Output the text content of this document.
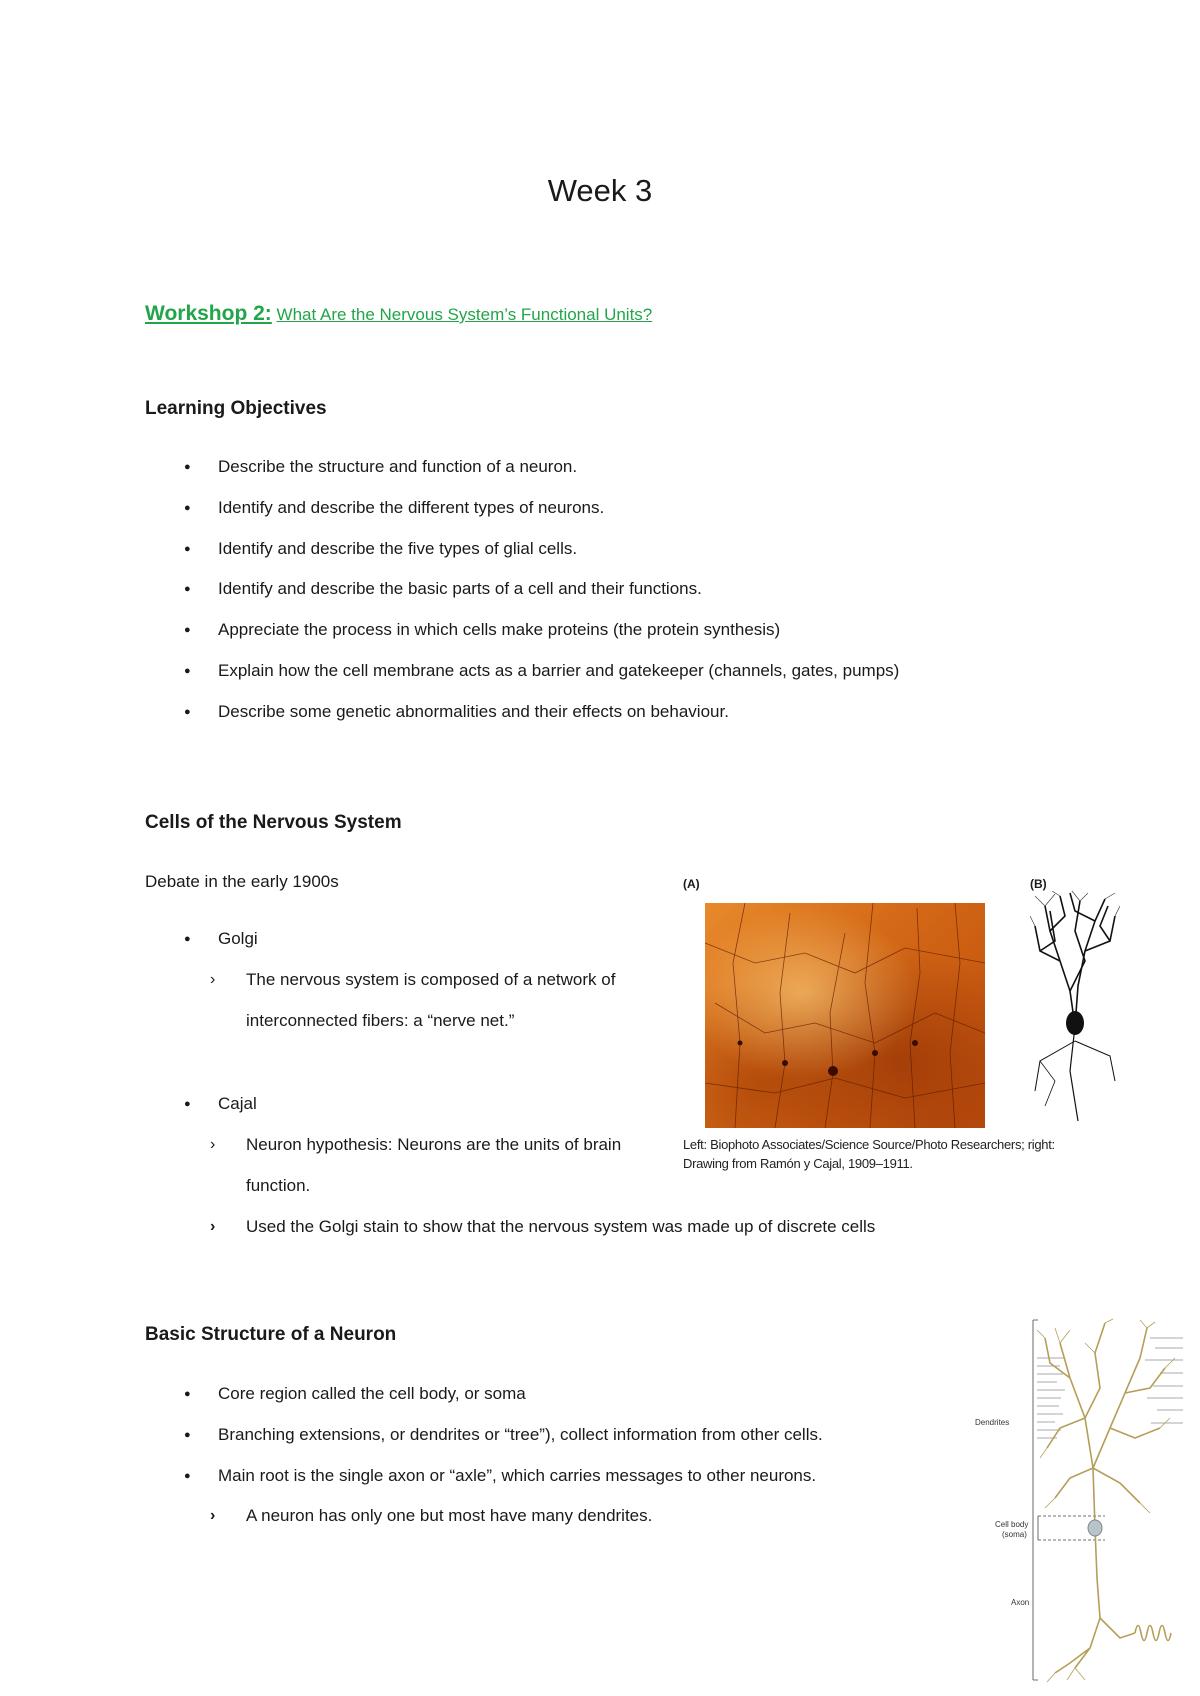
Week 3

Workshop 2: What Are the Nervous System’s Functional Units?

Learning Objectives
● Describe the structure and function of a neuron.
● Identify and describe the different types of neurons.
● Identify and describe the five types of glial cells.
● Identify and describe the basic parts of a cell and their functions.
● Appreciate the process in which cells make proteins (the protein synthesis)
● Explain how the cell membrane acts as a barrier and gatekeeper (channels, gates, pumps)
● Describe some genetic abnormalities and their effects on behaviour.
Cells of the Nervous System
Debate in the early 1900s
● Golgi
› The nervous system is composed of a network of interconnected fibers: a “nerve net.”
● Cajal
› Neuron hypothesis: Neurons are the units of brain function.
› Used the Golgi stain to show that the nervous system was made up of discrete cells
(A)	(B)
Left: Biophoto Associates/Science Source/Photo Researchers; right: Drawing from Ramón y Cajal, 1909–1911.
Basic Structure of a Neuron
● Core region called the cell body, or soma
● Branching extensions, or dendrites or “tree”), collect information from other cells.
● Main root is the single axon or “axle”, which carries messages to other neurons.
› A neuron has only one but most have many dendrites.
Dendrites
Cell body
(soma)
Axon
